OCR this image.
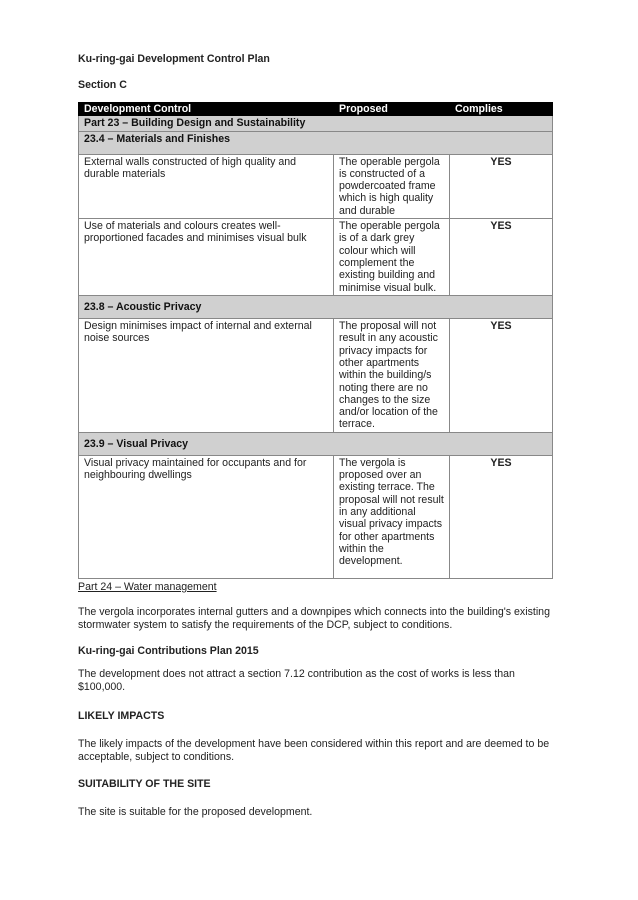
Ku-ring-gai Development Control Plan
Section C
Development Control	Proposed	Complies
Part 23 – Building Design and Sustainability		
23.4 – Materials and Finishes		
External walls constructed of high quality and durable materials	The operable pergola is constructed of a powdercoated frame which is high quality and durable	YES
Use of materials and colours creates well-proportioned facades and minimises visual bulk	The operable pergola is of a dark grey colour which will complement the existing building and minimise visual bulk.	YES
23.8 – Acoustic Privacy		
Design minimises impact of internal and external noise sources	The proposal will not result in any acoustic privacy impacts for other apartments within the building/s noting there are no changes to the size and/or location of the terrace.	YES
23.9 – Visual Privacy		
Visual privacy maintained for occupants and for neighbouring dwellings	The vergola is proposed over an existing terrace. The proposal will not result in any additional visual privacy impacts for other apartments within the development.	YES
Part 24 – Water management

The vergola incorporates internal gutters and a downpipes which connects into the building's existing stormwater system to satisfy the requirements of the DCP, subject to conditions.

Ku-ring-gai Contributions Plan 2015

The development does not attract a section 7.12 contribution as the cost of works is less than $100,000.

LIKELY IMPACTS

The likely impacts of the development have been considered within this report and are deemed to be acceptable, subject to conditions.

SUITABILITY OF THE SITE

The site is suitable for the proposed development.
